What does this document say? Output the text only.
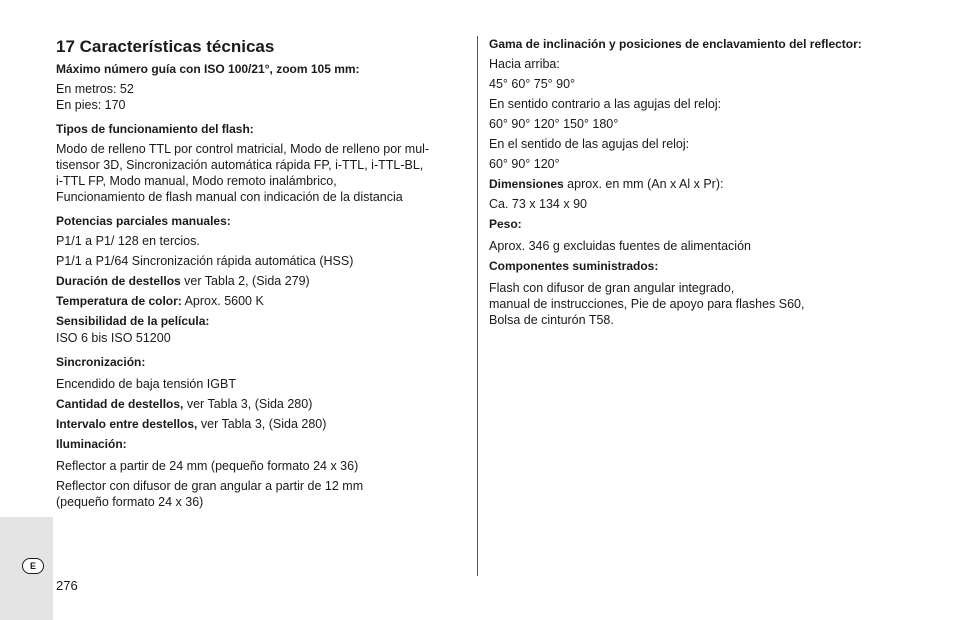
E
276
17 Características técnicas
Máximo número guía con ISO 100/21°, zoom 105 mm:
En metros: 52
En pies: 170
Tipos de funcionamiento del flash:
Modo de relleno TTL por control matricial, Modo de relleno por mul-
tisensor 3D, Sincronización automática rápida FP, i-TTL, i-TTL-BL,
i-TTL FP, Modo manual, Modo remoto inalámbrico,
Funcionamiento de flash manual con indicación de la distancia
Potencias parciales manuales:
P1/1 a P1/ 128 en tercios.
P1/1 a P1/64 Sincronización rápida automática (HSS)
Duración de destellos ver Tabla 2, (Sida 279)
Temperatura de color: Aprox. 5600 K
Sensibilidad de la película:
ISO 6 bis ISO 51200
Sincronización:
Encendido de baja tensión IGBT
Cantidad de destellos, ver Tabla 3, (Sida 280)
Intervalo entre destellos, ver Tabla 3, (Sida 280)
Iluminación:
Reflector a partir de 24 mm (pequeño formato 24 x 36)
Reflector con difusor de gran angular a partir de 12 mm
(pequeño formato 24 x 36)
Gama de inclinación y posiciones de enclavamiento del reflector:
Hacia arriba:
45° 60° 75° 90°
En sentido contrario a las agujas del reloj:
60° 90° 120° 150° 180°
En el sentido de las agujas del reloj:
60° 90° 120°
Dimensiones aprox. en mm (An x Al x Pr):
Ca. 73 x 134 x 90
Peso:
Aprox. 346 g excluidas fuentes de alimentación
Componentes suministrados:
Flash con difusor de gran angular integrado,
manual de instrucciones, Pie de apoyo para flashes S60,
Bolsa de cinturón T58.
